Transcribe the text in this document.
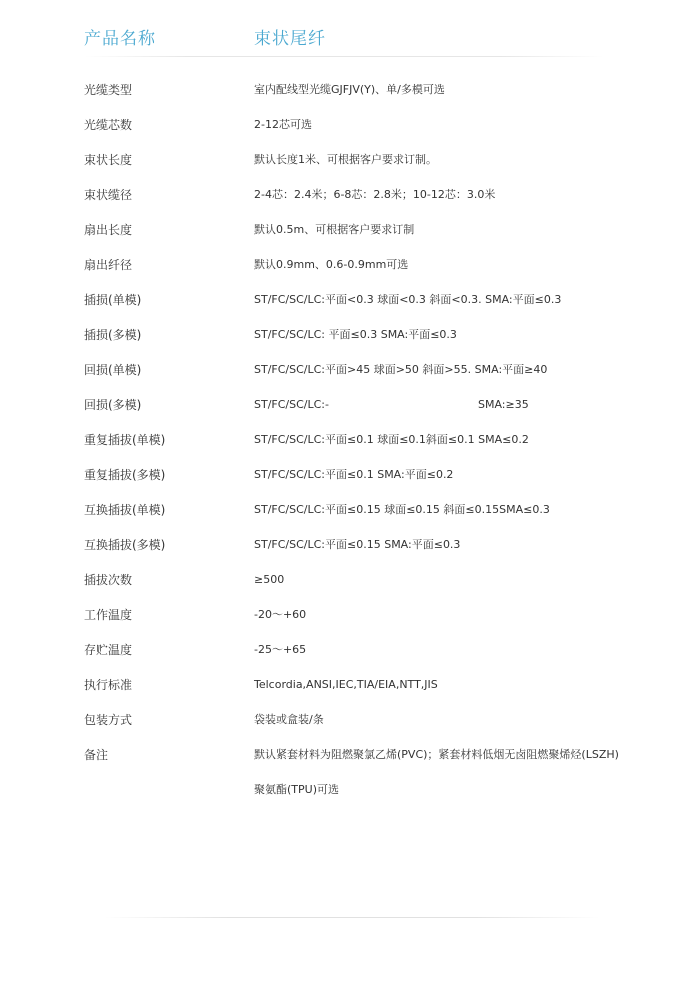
产品名称	束状尾纤
光缆类型	室内配线型光缆GJFJV(Y)、单/多模可选
光缆芯数	2-12芯可选
束状长度	默认长度1米、可根据客户要求订制。
束状缆径	2-4芯：2.4米；6-8芯：2.8米；10-12芯：3.0米
扇出长度	默认0.5m、可根据客户要求订制
扇出纤径	默认0.9mm、0.6-0.9mm可选
插损(单模)	ST/FC/SC/LC:平面<0.3 球面<0.3 斜面<0.3. SMA:平面≤0.3
插损(多模)	ST/FC/SC/LC: 平面≤0.3 SMA:平面≤0.3
回损(单模)	ST/FC/SC/LC:平面>45 球面>50 斜面>55. SMA:平面≥40
回损(多模)	ST/FC/SC/LC:-	SMA:≥35
重复插拔(单模)	ST/FC/SC/LC:平面≤0.1 球面≤0.1斜面≤0.1 SMA≤0.2
重复插拔(多模)	ST/FC/SC/LC:平面≤0.1 SMA:平面≤0.2
互换插拔(单模)	ST/FC/SC/LC:平面≤0.15 球面≤0.15 斜面≤0.15SMA≤0.3
互换插拔(多模)	ST/FC/SC/LC:平面≤0.15 SMA:平面≤0.3
插拔次数	≥500
工作温度	-20～+60
存贮温度	-25～+65
执行标准	Telcordia,ANSI,IEC,TIA/EIA,NTT,JIS
包装方式	袋装或盒装/条
备注	默认紧套材料为阻燃聚氯乙烯(PVC)；紧套材料低烟无卤阻燃聚烯烃(LSZH)
聚氨酯(TPU)可选
